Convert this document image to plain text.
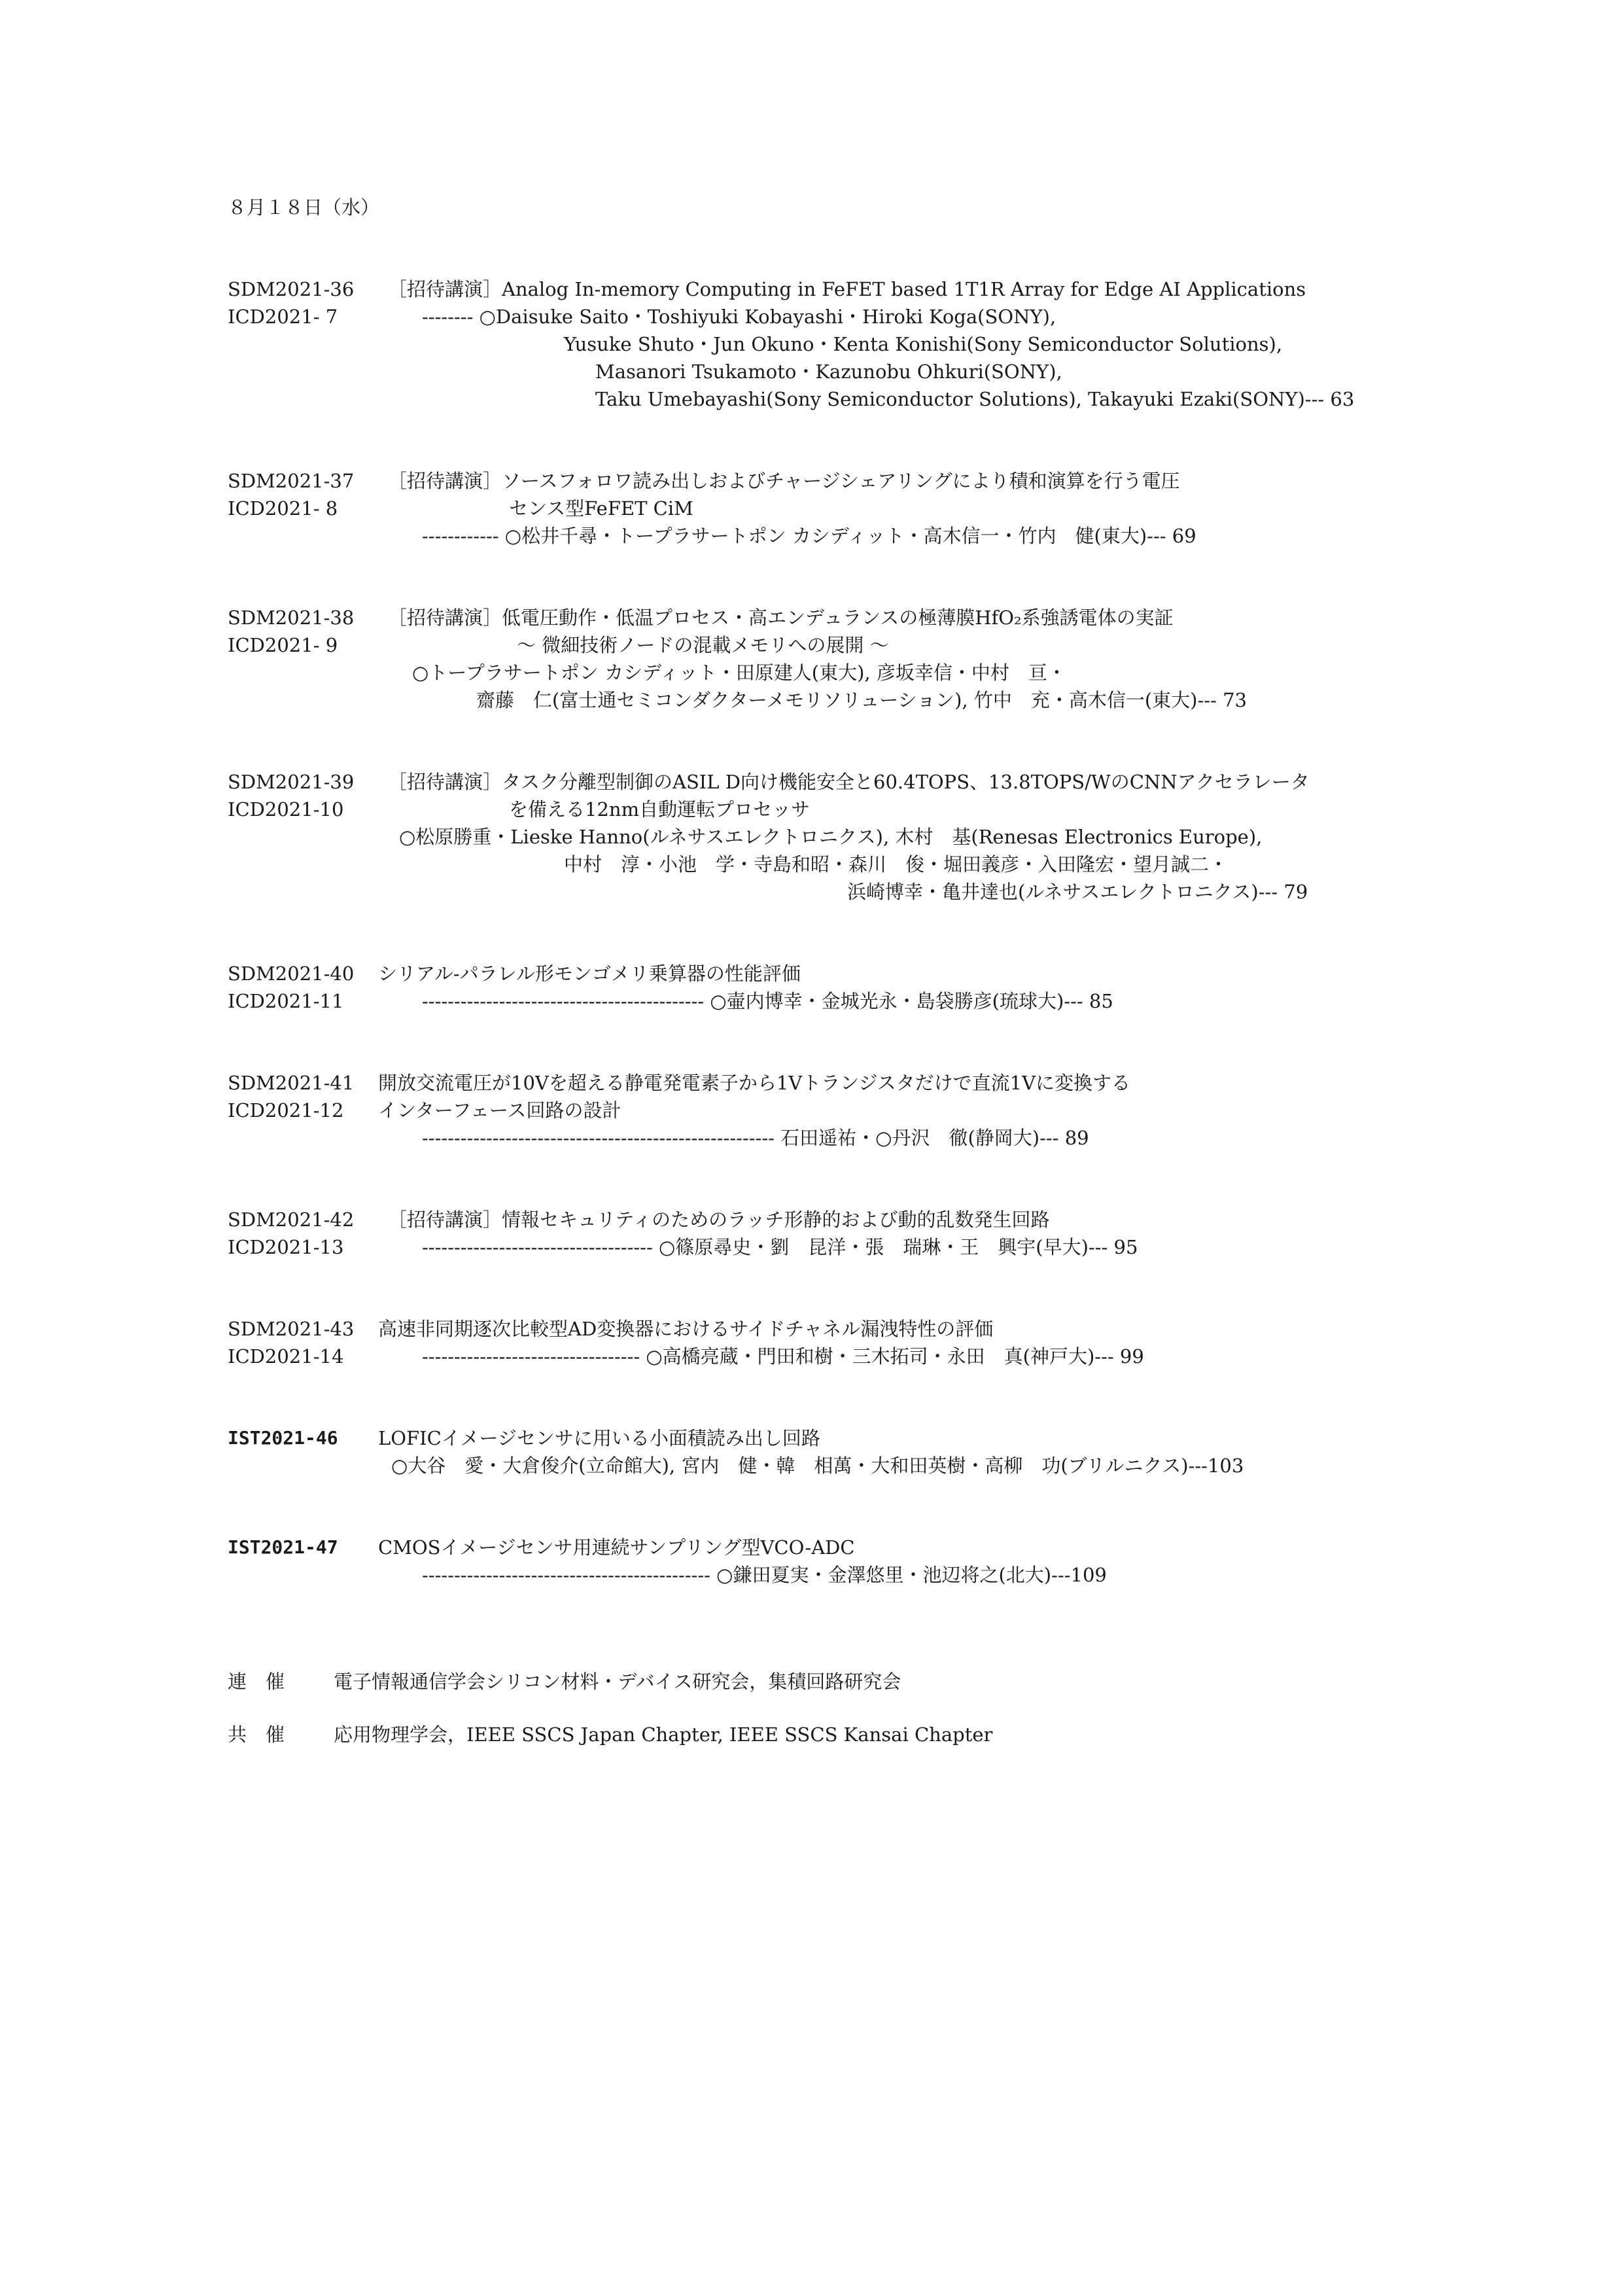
８月１８日（水）
SDM2021-36
ICD2021- 7
［招待講演］Analog In-memory Computing in FeFET based 1T1R Array for Edge AI Applications
-------- ○Daisuke Saito・Toshiyuki Kobayashi・Hiroki Koga(SONY),
Yusuke Shuto・Jun Okuno・Kenta Konishi(Sony Semiconductor Solutions),
Masanori Tsukamoto・Kazunobu Ohkuri(SONY),
Taku Umebayashi(Sony Semiconductor Solutions), Takayuki Ezaki(SONY)--- 63
SDM2021-37
ICD2021- 8
［招待講演］ソースフォロワ読み出しおよびチャージシェアリングにより積和演算を行う電圧
センス型FeFET CiM
------------ ○松井千尋・トープラサートポン カシディット・高木信一・竹内　健(東大)--- 69
SDM2021-38
ICD2021- 9
［招待講演］低電圧動作・低温プロセス・高エンデュランスの極薄膜HfO₂系強誘電体の実証
～ 微細技術ノードの混載メモリへの展開 ～
○トープラサートポン カシディット・田原建人(東大), 彦坂幸信・中村　亘・
齋藤　仁(富士通セミコンダクターメモリソリューション), 竹中　充・高木信一(東大)--- 73
SDM2021-39
ICD2021-10
［招待講演］タスク分離型制御のASIL D向け機能安全と60.4TOPS、13.8TOPS/WのCNNアクセラレータ
を備える12nm自動運転プロセッサ
○松原勝重・Lieske Hanno(ルネサスエレクトロニクス), 木村　基(Renesas Electronics Europe),
中村　淳・小池　学・寺島和昭・森川　俊・堀田義彦・入田隆宏・望月誠二・
浜崎博幸・亀井達也(ルネサスエレクトロニクス)--- 79
SDM2021-40
ICD2021-11
シリアル-パラレル形モンゴメリ乗算器の性能評価
-------------------------------------------- ○壷内博幸・金城光永・島袋勝彦(琉球大)--- 85
SDM2021-41
ICD2021-12
開放交流電圧が10Vを超える静電発電素子から1Vトランジスタだけで直流1Vに変換する
インターフェース回路の設計
------------------------------------------------------- 石田遥祐・○丹沢　徹(静岡大)--- 89
SDM2021-42
ICD2021-13
［招待講演］情報セキュリティのためのラッチ形静的および動的乱数発生回路
------------------------------------ ○篠原尋史・劉　昆洋・張　瑞琳・王　興宇(早大)--- 95
SDM2021-43
ICD2021-14
高速非同期逐次比較型AD変換器におけるサイドチャネル漏洩特性の評価
---------------------------------- ○高橋亮蔵・門田和樹・三木拓司・永田　真(神戸大)--- 99
IST2021-46 LOFICイメージセンサに用いる小面積読み出し回路
○大谷　愛・大倉俊介(立命館大), 宮内　健・韓　相萬・大和田英樹・高柳　功(ブリルニクス)---103
IST2021-47 CMOSイメージセンサ用連続サンプリング型VCO-ADC
--------------------------------------------- ○鎌田夏実・金澤悠里・池辺将之(北大)---109
連　催	電子情報通信学会シリコン材料・デバイス研究会，集積回路研究会
共　催	応用物理学会，IEEE SSCS Japan Chapter, IEEE SSCS Kansai Chapter
